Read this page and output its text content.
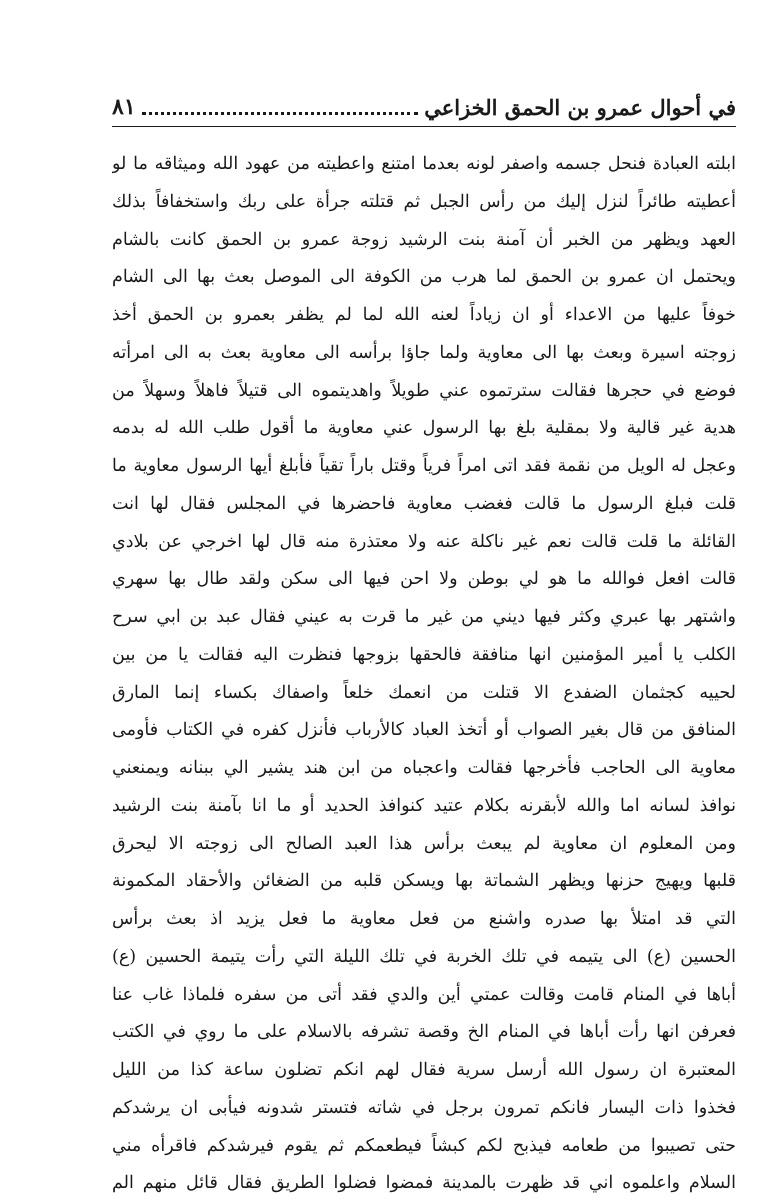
في أحوال عمرو بن الحمق الخزاعي
٨١
ابلته العبادة فنحل جسمه واصفر لونه بعدما امتنع واعطيته من عهود الله وميثاقه ما لو
أعطيته طائراً لنزل إليك من رأس الجبل ثم قتلته جرأة على ربك واستخفافاً بذلك
العهد ويظهر من الخبر أن آمنة بنت الرشيد زوجة عمرو بن الحمق كانت بالشام
ويحتمل ان عمرو بن الحمق لما هرب من الكوفة الى الموصل بعث بها الى الشام
خوفاً عليها من الاعداء أو ان زياداً لعنه الله لما لم يظفر بعمرو بن الحمق أخذ
زوجته اسيرة وبعث بها الى معاوية ولما جاؤا برأسه الى معاوية بعث به الى امرأته
فوضع في حجرها فقالت سترتموه عني طويلاً واهديتموه الى قتيلاً فاهلاً وسهلاً من
هدية غير قالية ولا بمقلية بلغ بها الرسول عني معاوية ما أقول طلب الله له بدمه
وعجل له الويل من نقمة فقد اتى امراً فرياً وقتل باراً تقياً فأبلغ أيها الرسول معاوية ما
قلت فبلغ الرسول ما قالت فغضب معاوية فاحضرها في المجلس فقال لها انت
القائلة ما قلت قالت نعم غير ناكلة عنه ولا معتذرة منه قال لها اخرجي عن بلادي
قالت افعل فوالله ما هو لي بوطن ولا احن فيها الى سكن ولقد طال بها سهري
واشتهر بها عبري وكثر فيها ديني من غير ما قرت به عيني فقال عبد بن ابي سرح
الكلب يا أمير المؤمنين انها منافقة فالحقها بزوجها فنظرت اليه فقالت يا من بين
لحييه كجثمان الضفدع الا قتلت من انعمك خلعاً واصفاك بكساء إنما المارق
المنافق من قال بغير الصواب أو أتخذ العباد كالأرباب فأنزل كفره في الكتاب فأومى
معاوية الى الحاجب فأخرجها فقالت واعجباه من ابن هند يشير الي ببنانه ويمنعني
نوافذ لسانه اما والله لأبقرنه بكلام عتيد كنوافذ الحديد أو ما انا بآمنة بنت الرشيد
ومن المعلوم ان معاوية لم يبعث برأس هذا العبد الصالح الى زوجته الا ليحرق
قلبها ويهيج حزنها ويظهر الشماتة بها ويسكن قلبه من الضغائن والأحقاد المكمونة
التي قد امتلأ بها صدره واشنع من فعل معاوية ما فعل يزيد اذ بعث برأس
الحسين (ع) الى يتيمه في تلك الخربة في تلك الليلة التي رأت يتيمة الحسين (ع)
أباها في المنام قامت وقالت عمتي أين والدي فقد أتى من سفره فلماذا غاب عنا
فعرفن انها رأت أباها في المنام الخ وقصة تشرفه بالاسلام على ما روي في الكتب
المعتبرة ان رسول الله أرسل سرية فقال لهم انكم تضلون ساعة كذا من الليل
فخذوا ذات اليسار فانكم تمرون برجل في شاته فتستر شدونه فيأبى ان يرشدكم
حتى تصيبوا من طعامه فيذبح لكم كبشاً فيطعمكم ثم يقوم فيرشدكم فاقرأه مني
السلام واعلموه اني قد ظهرت بالمدينة فمضوا فضلوا الطريق فقال قائل منهم الم
